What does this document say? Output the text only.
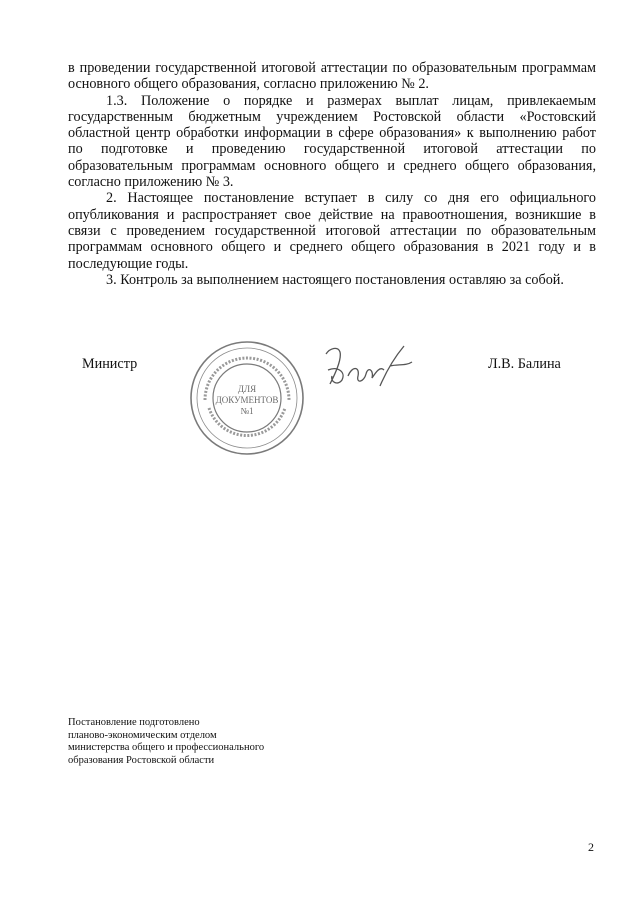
в проведении государственной итоговой аттестации по образовательным программам основного общего образования, согласно приложению № 2.

1.3. Положение о порядке и размерах выплат лицам, привлекаемым государственным бюджетным учреждением Ростовской области «Ростовский областной центр обработки информации в сфере образования» к выполнению работ по подготовке и проведению государственной итоговой аттестации по образовательным программам основного общего и среднего общего образования, согласно приложению № 3.

2. Настоящее постановление вступает в силу со дня его официального опубликования и распространяет свое действие на правоотношения, возникшие в связи с проведением государственной итоговой аттестации по образовательным программам основного общего и среднего общего образования в 2021 году и в последующие годы.

3. Контроль за выполнением настоящего постановления оставляю за собой.

Министр
ДЛЯ
ДОКУМЕНТОВ
№1
Л.В. Балина
Постановление подготовлено
планово-экономическим отделом
министерства общего и профессионального
образования Ростовской области
2
